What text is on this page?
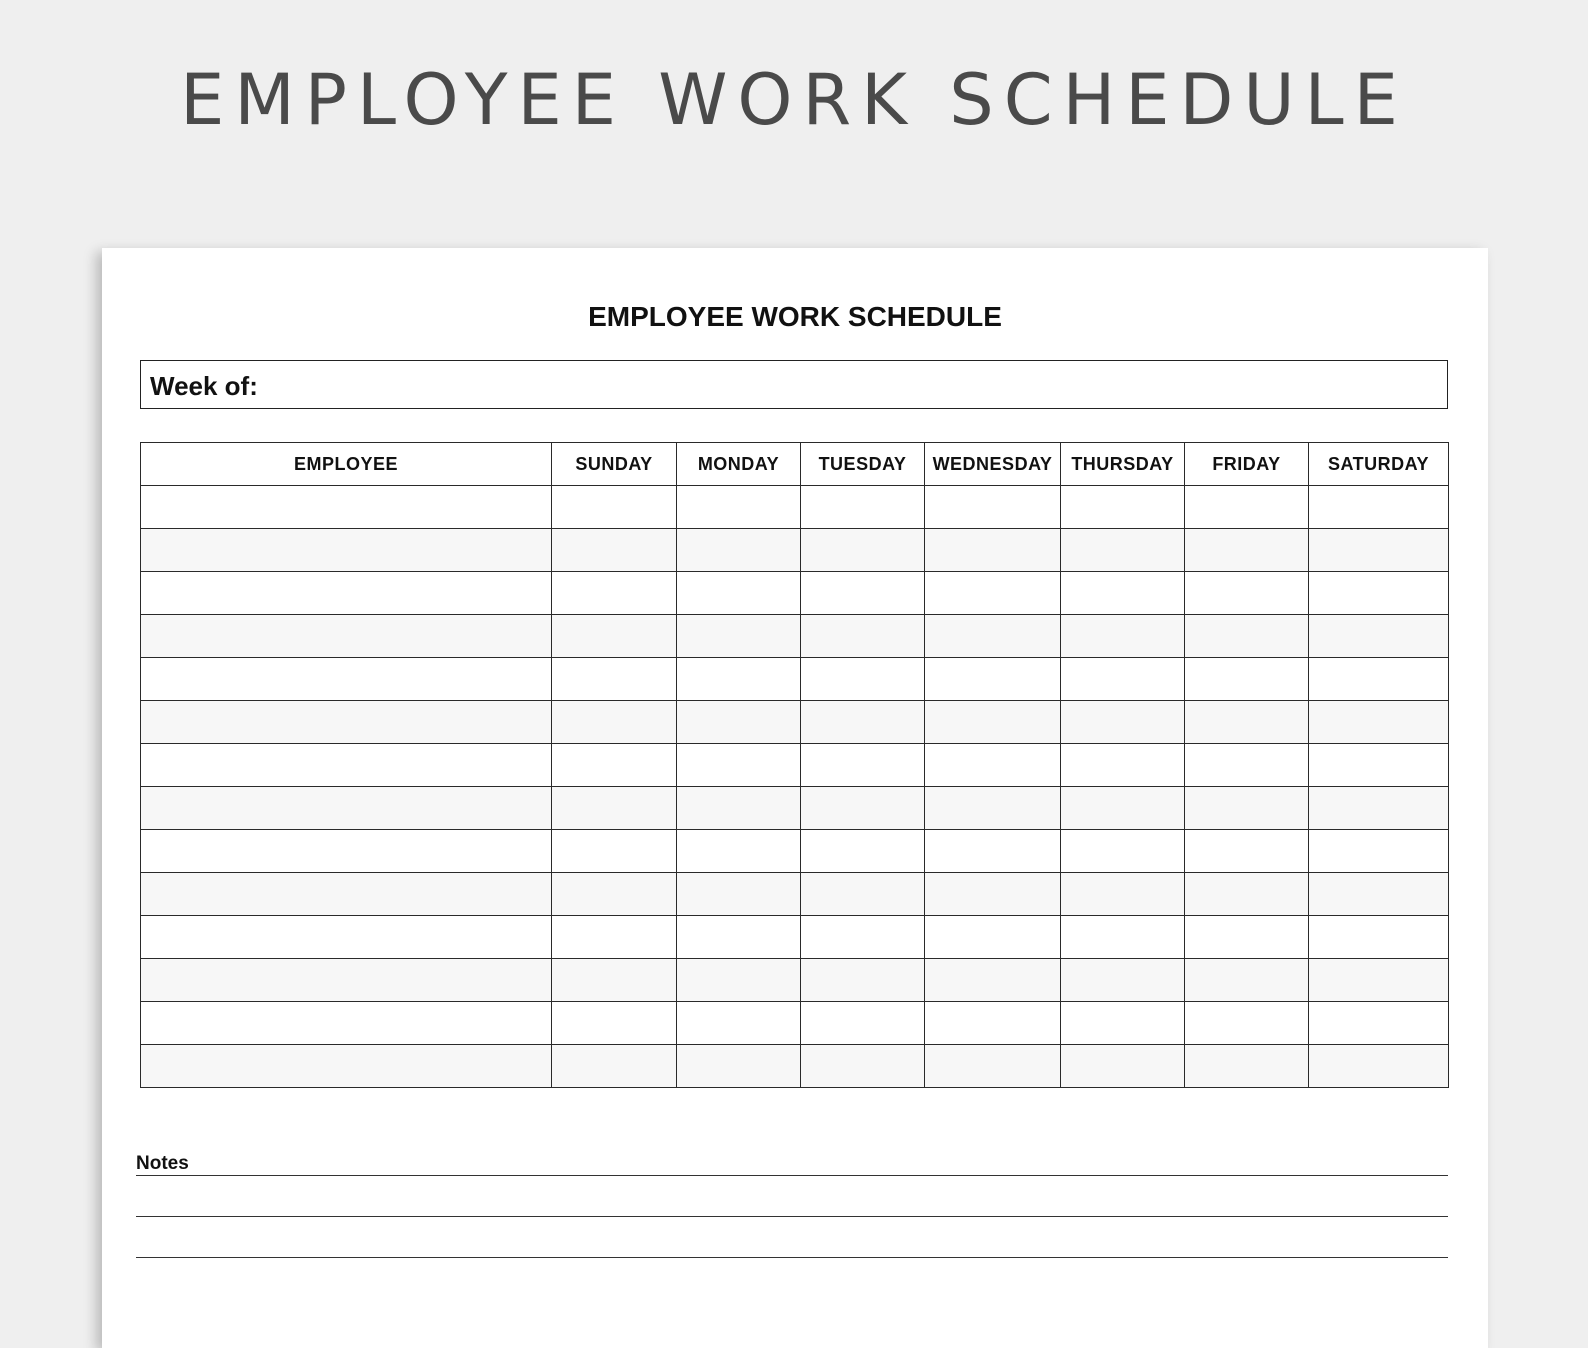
EMPLOYEE WORK SCHEDULE
EMPLOYEE WORK SCHEDULE
Week of:
EMPLOYEE	SUNDAY	MONDAY	TUESDAY	WEDNESDAY	THURSDAY	FRIDAY	SATURDAY

Notes
